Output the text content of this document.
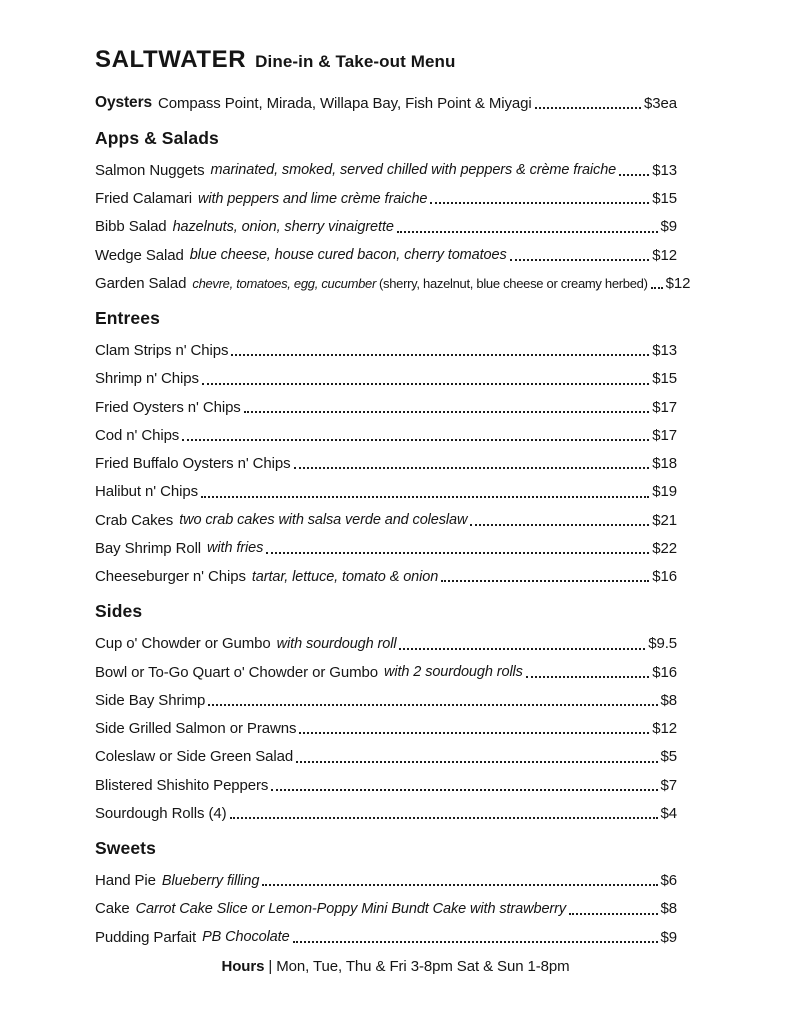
SALTWATER Dine-in & Take-out Menu
Oysters Compass Point, Mirada, Willapa Bay, Fish Point & Miyagi	$3ea
Apps & Salads
Salmon Nuggets marinated, smoked, served chilled with peppers & crème fraiche $13
Fried Calamari with peppers and lime crème fraiche	$15
Bibb Salad hazelnuts, onion, sherry vinaigrette	$9
Wedge Salad blue cheese, house cured bacon, cherry tomatoes	$12
Garden Salad chevre, tomatoes, egg, cucumber (sherry, hazelnut, blue cheese or creamy herbed) $12
Entrees
Clam Strips n' Chips	$13
Shrimp n' Chips	$15
Fried Oysters n' Chips	$17
Cod n' Chips	$17
Fried Buffalo Oysters n' Chips	$18
Halibut n' Chips	$19
Crab Cakes two crab cakes with salsa verde and coleslaw	$21
Bay Shrimp Roll with fries	$22
Cheeseburger n' Chips tartar, lettuce, tomato & onion	$16
Sides
Cup o' Chowder or Gumbo with sourdough roll	$9.5
Bowl or To-Go Quart o' Chowder or Gumbo with 2 sourdough rolls	$16
Side Bay Shrimp	$8
Side Grilled Salmon or Prawns	$12
Coleslaw or Side Green Salad	$5
Blistered Shishito Peppers	$7
Sourdough Rolls (4)	$4
Sweets
Hand Pie Blueberry filling	$6
Cake Carrot Cake Slice or Lemon-Poppy Mini Bundt Cake with strawberry	$8
Pudding Parfait PB Chocolate	$9
Hours | Mon, Tue, Thu & Fri 3-8pm Sat & Sun 1-8pm
